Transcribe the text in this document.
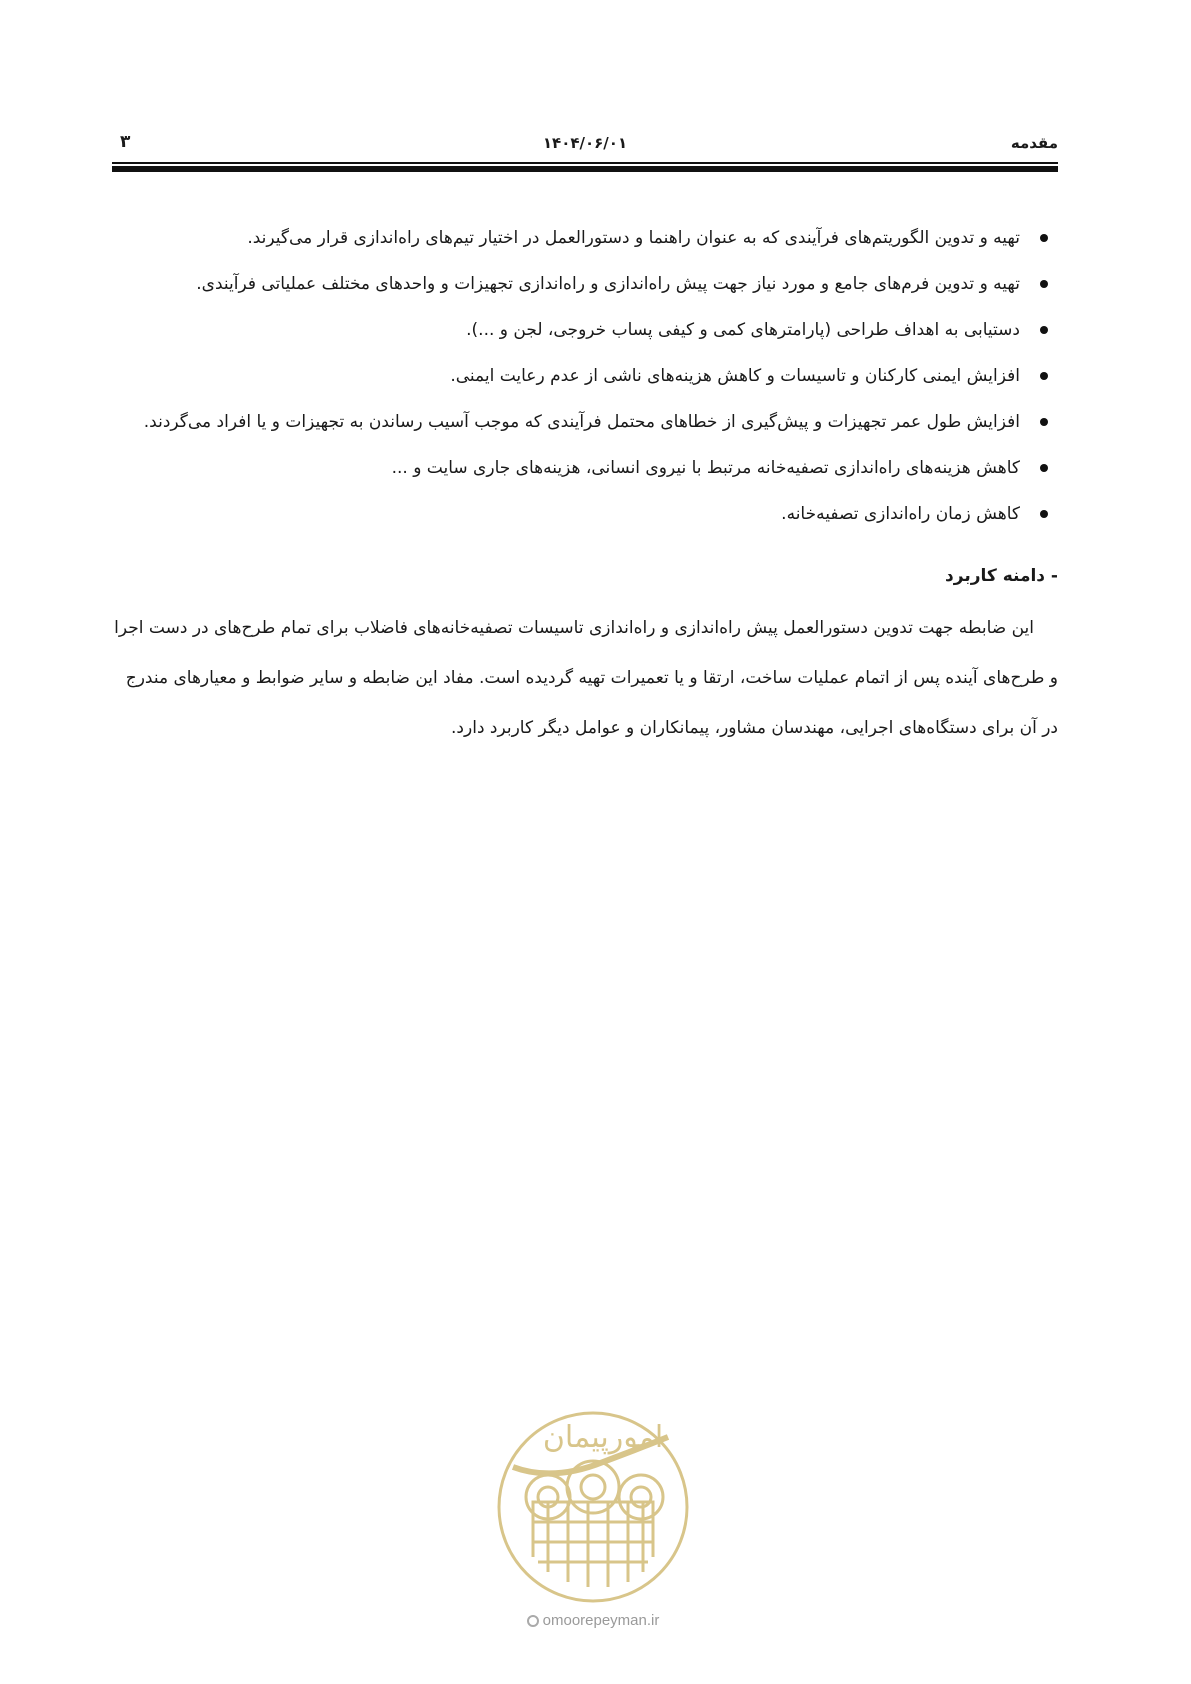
مقدمه
۱۴۰۴/۰۶/۰۱
۳
تهیه و تدوین الگوریتم‌های فرآیندی که به عنوان راهنما و دستورالعمل در اختیار تیم‌های راه‌اندازی قرار می‌گیرند.
تهیه و تدوین فرم‌های جامع و مورد نیاز جهت پیش راه‌اندازی و راه‌اندازی تجهیزات و واحدهای مختلف عملیاتی فرآیندی.
دستیابی به اهداف طراحی (پارامترهای کمی و کیفی پساب خروجی، لجن و ...).
افزایش ایمنی کارکنان و تاسیسات و کاهش هزینه‌های ناشی از عدم رعایت ایمنی.
افزایش طول عمر تجهیزات و پیش‌گیری از خطاهای محتمل فرآیندی که موجب آسیب رساندن به تجهیزات و یا افراد می‌گردند.
کاهش هزینه‌های راه‌اندازی تصفیه‌خانه مرتبط با نیروی انسانی، هزینه‌های جاری سایت و ...
کاهش زمان راه‌اندازی تصفیه‌خانه.
- دامنه کاربرد
این ضابطه جهت تدوین دستورالعمل پیش راه‌اندازی و راه‌اندازی تاسیسات تصفیه‌خانه‌های فاضلاب برای تمام طرح‌های در دست اجرا و طرح‌های آینده پس از اتمام عملیات ساخت، ارتقا و یا تعمیرات تهیه گردیده است. مفاد این ضابطه و سایر ضوابط و معیارهای مندرج در آن برای دستگاه‌های اجرایی، مهندسان مشاور، پیمانکاران و عوامل دیگر کاربرد دارد.
امورپیمان
omoorepeyman.ir
